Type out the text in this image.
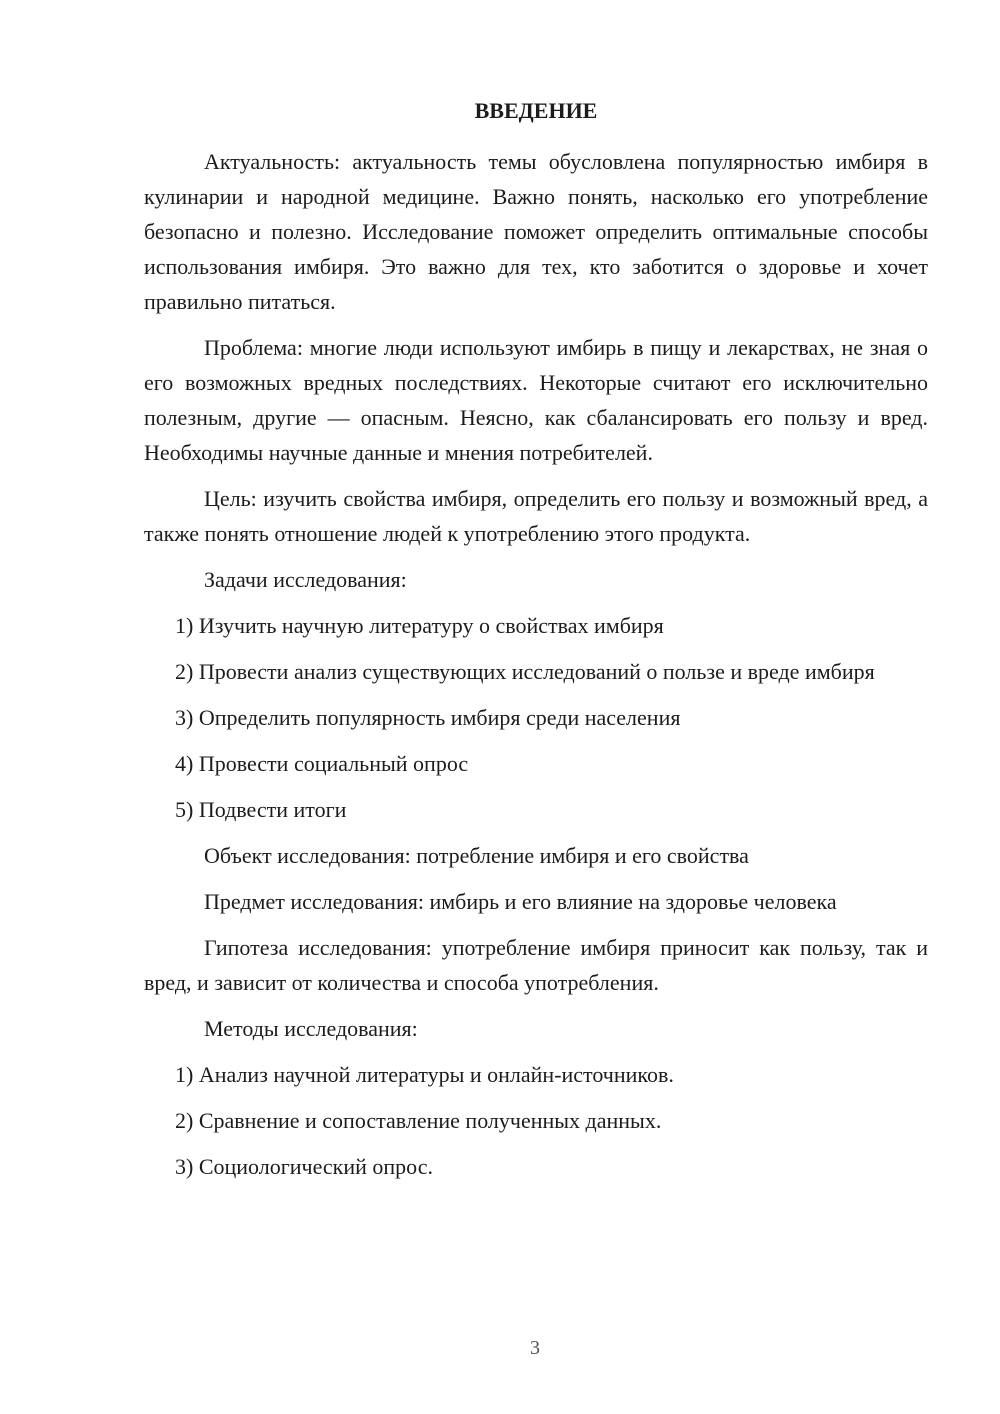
ВВЕДЕНИЕ

Актуальность: актуальность темы обусловлена популярностью имбиря в кулинарии и народной медицине. Важно понять, насколько его употребление безопасно и полезно. Исследование поможет определить оптимальные способы использования имбиря. Это важно для тех, кто заботится о здоровье и хочет правильно питаться.

Проблема: многие люди используют имбирь в пищу и лекарствах, не зная о его возможных вредных последствиях. Некоторые считают его исключительно полезным, другие — опасным. Неясно, как сбалансировать его пользу и вред. Необходимы научные данные и мнения потребителей.

Цель: изучить свойства имбиря, определить его пользу и возможный вред, а также понять отношение людей к употреблению этого продукта.

Задачи исследования:

1) Изучить научную литературу о свойствах имбиря

2) Провести анализ существующих исследований о пользе и вреде имбиря

3) Определить популярность имбиря среди населения

4) Провести социальный опрос

5) Подвести итоги

Объект исследования: потребление имбиря и его свойства

Предмет исследования: имбирь и его влияние на здоровье человека

Гипотеза исследования: употребление имбиря приносит как пользу, так и вред, и зависит от количества и способа употребления.

Методы исследования:

1) Анализ научной литературы и онлайн-источников.

2) Сравнение и сопоставление полученных данных.

3) Социологический опрос.

3
